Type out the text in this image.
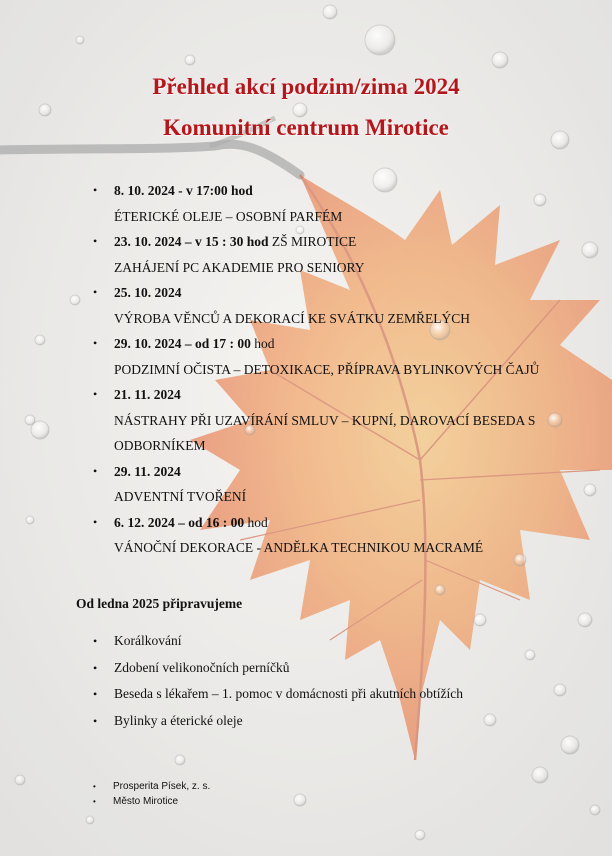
Přehled akcí podzim/zima 2024
Komunitní centrum Mirotice
• 8. 10. 2024 - v 17:00 hod
ÉTERICKÉ OLEJE – OSOBNÍ PARFÉM
• 23. 10. 2024 – v 15 : 30 hod ZŠ MIROTICE
ZAHÁJENÍ PC AKADEMIE PRO SENIORY
• 25. 10. 2024
VÝROBA VĚNCŮ A DEKORACÍ KE SVÁTKU ZEMŘELÝCH
• 29. 10. 2024 – od 17 : 00 hod
PODZIMNÍ OČISTA – DETOXIKACE, PŘÍPRAVA BYLINKOVÝCH ČAJŮ
• 21. 11. 2024
NÁSTRAHY PŘI UZAVÍRÁNÍ SMLUV – KUPNÍ, DAROVACÍ BESEDA S ODBORNÍKEM
• 29. 11. 2024
ADVENTNÍ TVOŘENÍ
• 6. 12. 2024 – od 16 : 00 hod
VÁNOČNÍ DEKORACE - ANDĚLKA TECHNIKOU MACRAMÉ
Od ledna 2025 připravujeme
• Korálkování
• Zdobení velikonočních perníčků
• Beseda s lékařem – 1. pomoc v domácnosti při akutních obtížích
• Bylinky a éterické oleje
• Prosperita Písek, z. s.
• Město Mirotice
